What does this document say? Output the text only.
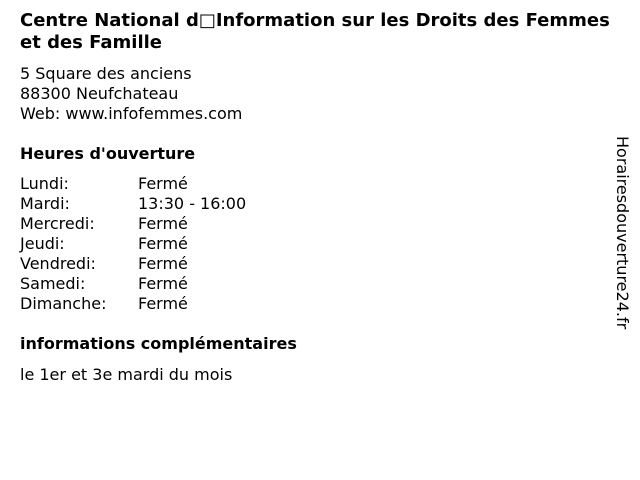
Centre National d□Information sur les Droits des Femmes et des Famille
5 Square des anciens
88300 Neufchateau
Web: www.infofemmes.com
Heures d'ouverture
Lundi:	Fermé
Mardi:	13:30 - 16:00
Mercredi:	Fermé
Jeudi:	Fermé
Vendredi:	Fermé
Samedi:	Fermé
Dimanche:	Fermé
informations complémentaires
le 1er et 3e mardi du mois
Horairesdouverture24.fr
